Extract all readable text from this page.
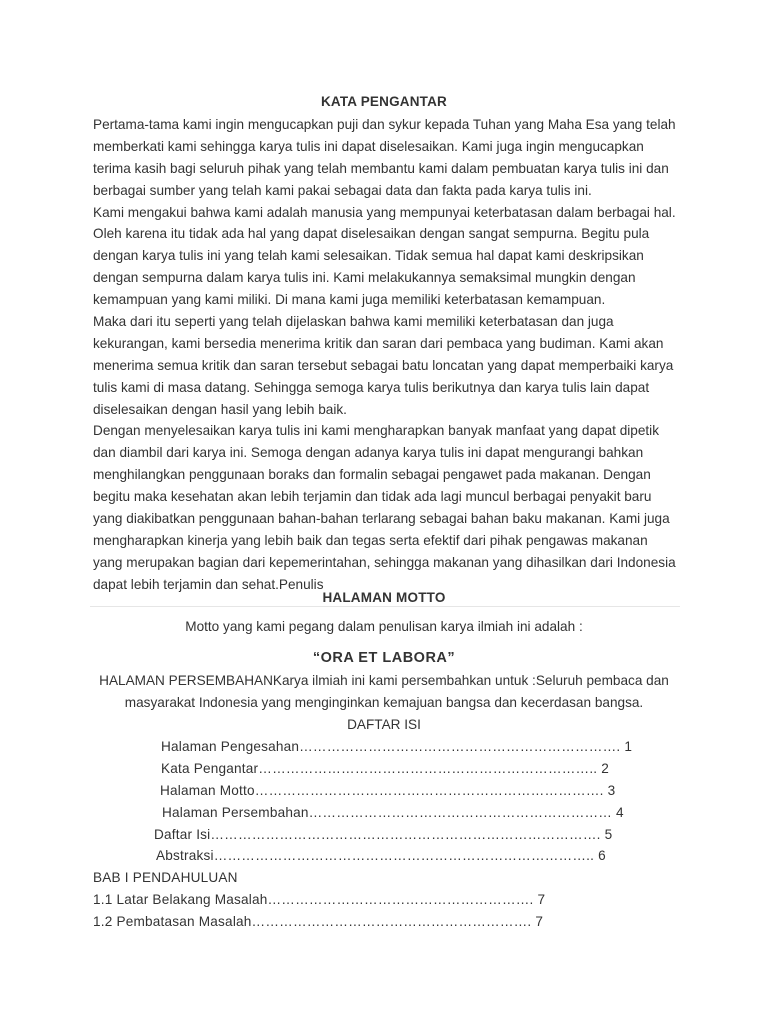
KATA PENGANTAR
Pertama-tama kami ingin mengucapkan puji dan sykur kepada Tuhan yang Maha Esa yang telah
memberkati kami sehingga karya tulis ini dapat diselesaikan. Kami juga ingin mengucapkan
terima kasih bagi seluruh pihak yang telah membantu kami dalam pembuatan karya tulis ini dan
berbagai sumber yang telah kami pakai sebagai data dan fakta pada karya tulis ini.
Kami mengakui bahwa kami adalah manusia yang mempunyai keterbatasan dalam berbagai hal.
Oleh karena itu tidak ada hal yang dapat diselesaikan dengan sangat sempurna. Begitu pula
dengan karya tulis ini yang telah kami selesaikan. Tidak semua hal dapat kami deskripsikan
dengan sempurna dalam karya tulis ini. Kami melakukannya semaksimal mungkin dengan
kemampuan yang kami miliki. Di mana kami juga memiliki keterbatasan kemampuan.
Maka dari itu seperti yang telah dijelaskan bahwa kami memiliki keterbatasan dan juga
kekurangan, kami bersedia menerima kritik dan saran dari pembaca yang budiman. Kami akan
menerima semua kritik dan saran tersebut sebagai batu loncatan yang dapat memperbaiki karya
tulis kami di masa datang. Sehingga semoga karya tulis berikutnya dan karya tulis lain dapat
diselesaikan dengan hasil yang lebih baik.
Dengan menyelesaikan karya tulis ini kami mengharapkan banyak manfaat yang dapat dipetik
dan diambil dari karya ini. Semoga dengan adanya karya tulis ini dapat mengurangi bahkan
menghilangkan penggunaan boraks dan formalin sebagai pengawet pada makanan. Dengan
begitu maka kesehatan akan lebih terjamin dan tidak ada lagi muncul berbagai penyakit baru
yang diakibatkan penggunaan bahan-bahan terlarang sebagai bahan baku makanan. Kami juga
mengharapkan kinerja yang lebih baik dan tegas serta efektif dari pihak pengawas makanan
yang merupakan bagian dari kepemerintahan, sehingga makanan yang dihasilkan dari Indonesia
dapat lebih terjamin dan sehat.Penulis
HALAMAN MOTTO
Motto yang kami pegang dalam penulisan karya ilmiah ini adalah :
“ORA ET LABORA”
HALAMAN PERSEMBAHANKarya ilmiah ini kami persembahkan untuk :Seluruh pembaca dan
masyarakat Indonesia yang menginginkan kemajuan bangsa dan kecerdasan bangsa.
DAFTAR ISI
Halaman Pengesahan……………………………………………………………. 1
Kata Pengantar……………………………………………………………….. 2
Halaman Motto…………………………………………………………………. 3
Halaman Persembahan………………………………………………………… 4
Daftar Isi…………………………………………………………………………. 5
Abstraksi……………………………………………………………………….. 6
BAB I PENDAHULUAN
1.1 Latar Belakang Masalah…………………………………………………. 7
1.2 Pembatasan Masalah……………………………………………………. 7
